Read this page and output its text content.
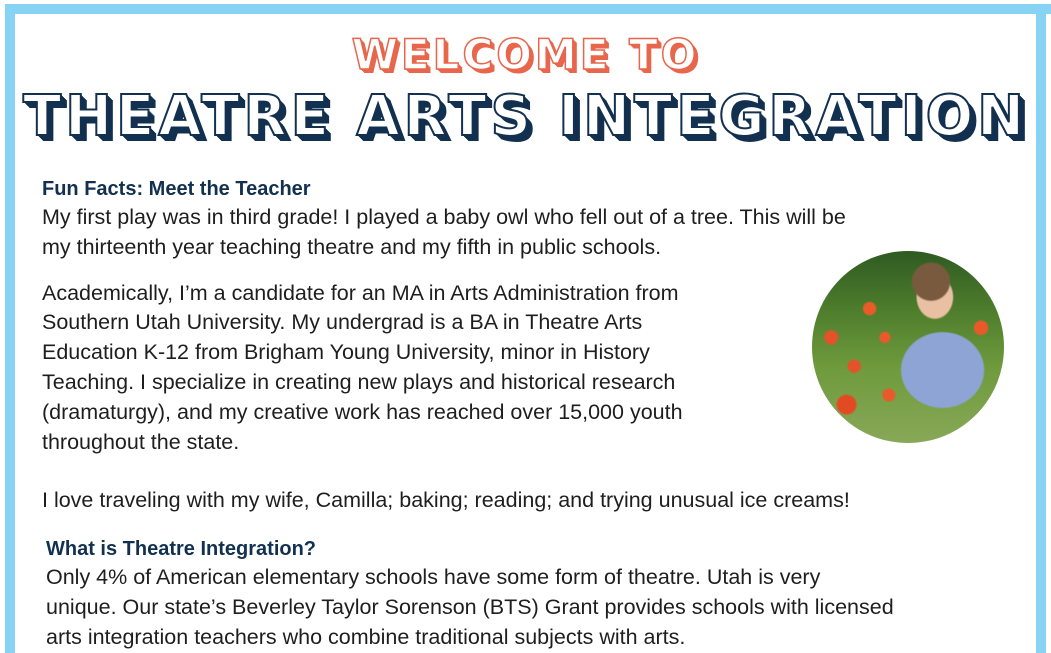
WELCOME TO
THEATRE ARTS INTEGRATION
Fun Facts: Meet the Teacher

My first play was in third grade! I played a baby owl who fell out of a tree. This will be

my thirteenth year teaching theatre and my fifth in public schools.

Academically, I’m a candidate for an MA in Arts Administration from

Southern Utah University. My undergrad is a BA in Theatre Arts

Education K-12 from Brigham Young University, minor in History

Teaching. I specialize in creating new plays and historical research

(dramaturgy), and my creative work has reached over 15,000 youth

throughout the state.

I love traveling with my wife, Camilla; baking; reading; and trying unusual ice creams!

What is Theatre Integration?

Only 4% of American elementary schools have some form of theatre. Utah is very

unique. Our state’s Beverley Taylor Sorenson (BTS) Grant provides schools with licensed

arts integration teachers who combine traditional subjects with arts.
